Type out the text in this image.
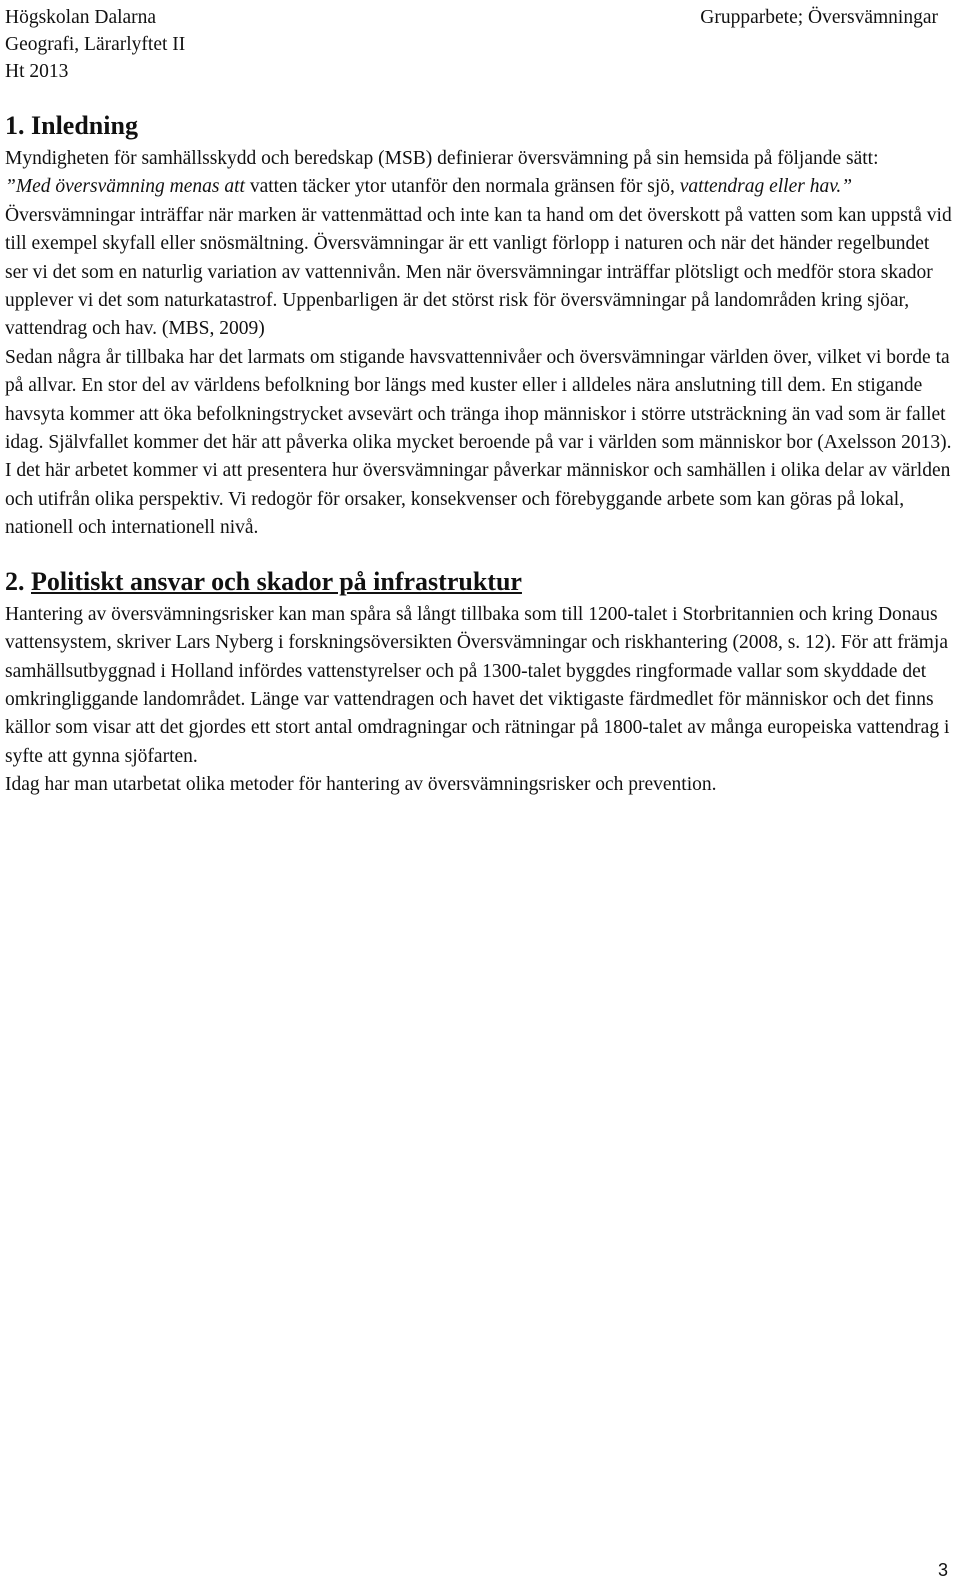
Högskolan Dalarna
Geografi, Lärarlyftet II
Ht 2013
Grupparbete; Översvämningar
1. Inledning

Myndigheten för samhällsskydd och beredskap (MSB) definierar översvämning på sin hemsida på följande sätt:

”Med översvämning menas att vatten täcker ytor utanför den normala gränsen för sjö, vattendrag eller hav.”

Översvämningar inträffar när marken är vattenmättad och inte kan ta hand om det överskott på vatten som kan uppstå vid till exempel skyfall eller snösmältning. Översvämningar är ett vanligt förlopp i naturen och när det händer regelbundet ser vi det som en naturlig variation av vattennivån. Men när översvämningar inträffar plötsligt och medför stora skador upplever vi det som naturkatastrof. Uppenbarligen är det störst risk för översvämningar på landområden kring sjöar, vattendrag och hav. (MBS, 2009)

Sedan några år tillbaka har det larmats om stigande havsvattennivåer och översvämningar världen över, vilket vi borde ta på allvar. En stor del av världens befolkning bor längs med kuster eller i alldeles nära anslutning till dem. En stigande havsyta kommer att öka befolkningstrycket avsevärt och tränga ihop människor i större utsträckning än vad som är fallet idag. Självfallet kommer det här att påverka olika mycket beroende på var i världen som människor bor (Axelsson 2013).

I det här arbetet kommer vi att presentera hur översvämningar påverkar människor och samhällen i olika delar av världen och utifrån olika perspektiv. Vi redogör för orsaker, konsekvenser och förebyggande arbete som kan göras på lokal, nationell och internationell nivå.

2. Politiskt ansvar och skador på infrastruktur

Hantering av översvämningsrisker kan man spåra så långt tillbaka som till 1200-talet i Storbritannien och kring Donaus vattensystem, skriver Lars Nyberg i forskningsöversikten Översvämningar och riskhantering (2008, s. 12). För att främja samhällsutbyggnad i Holland infördes vattenstyrelser och på 1300-talet byggdes ringformade vallar som skyddade det omkringliggande landområdet. Länge var vattendragen och havet det viktigaste färdmedlet för människor och det finns källor som visar att det gjordes ett stort antal omdragningar och rätningar på 1800-talet av många europeiska vattendrag i syfte att gynna sjöfarten.

Idag har man utarbetat olika metoder för hantering av översvämningsrisker och prevention.

3
